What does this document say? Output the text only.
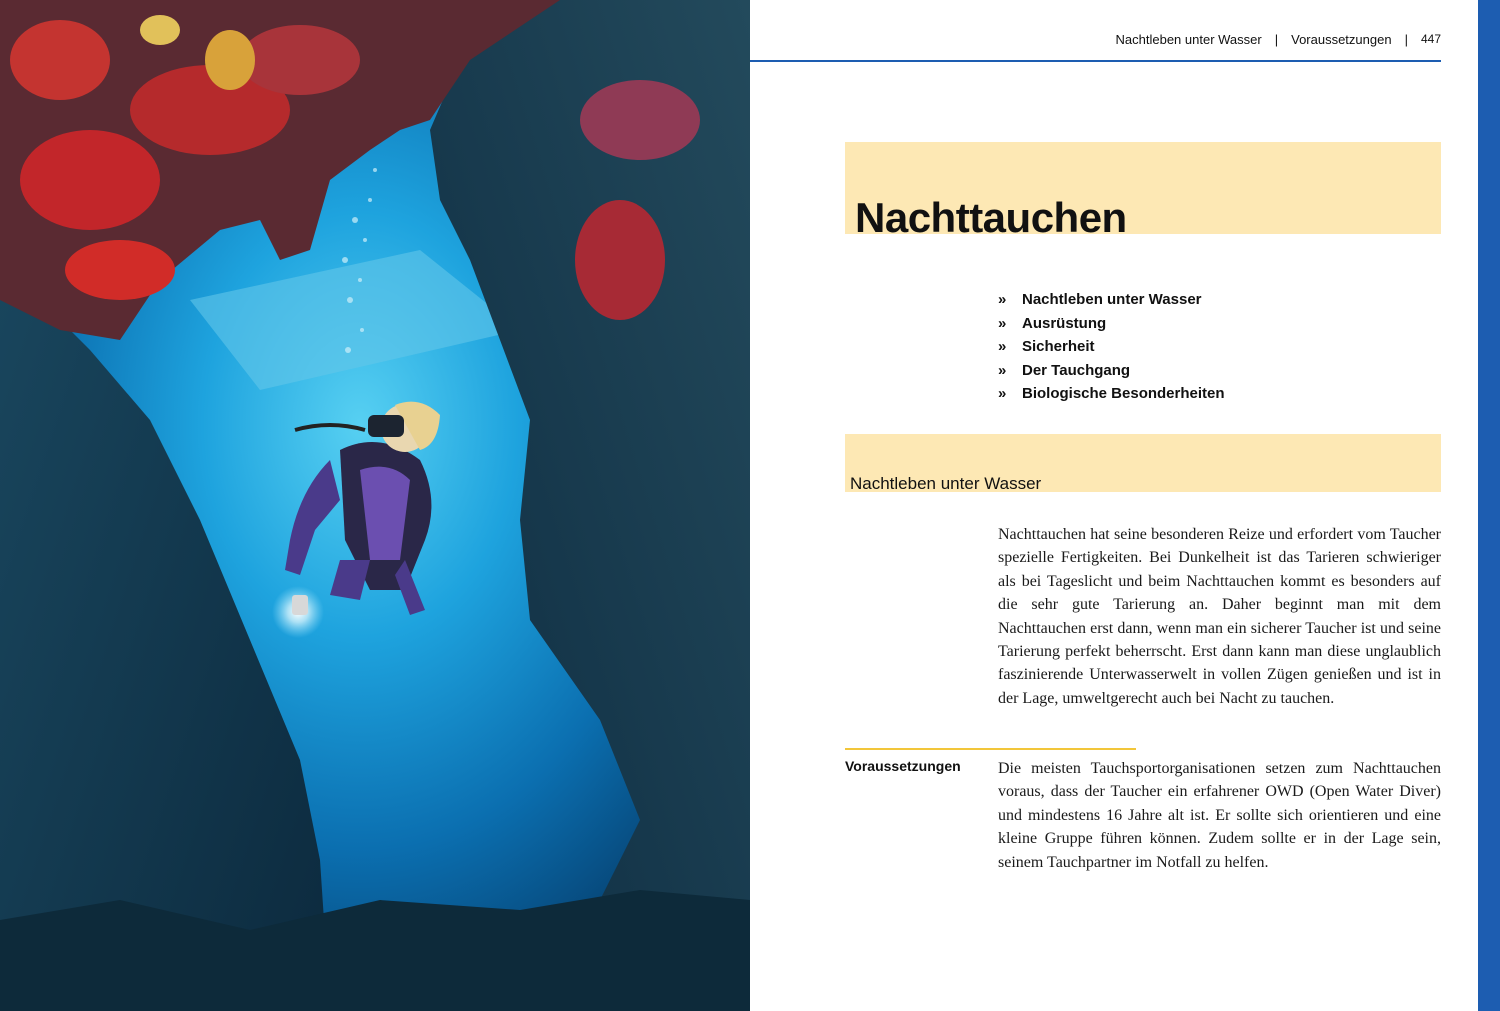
Nachtleben unter Wasser | Voraussetzungen | 447
Nachttauchen
»	Nachtleben unter Wasser
»	Ausrüstung
»	Sicherheit
»	Der Tauchgang
»	Biologische Besonderheiten
Nachtleben unter Wasser

Nachttauchen hat seine besonderen Reize und erfordert vom Taucher spezielle Fertigkeiten. Bei Dunkelheit ist das Tarieren schwieriger als bei Tageslicht und beim Nachttauchen kommt es besonders auf die sehr gute Tarierung an. Daher beginnt man mit dem Nachttauchen erst dann, wenn man ein sicherer Taucher ist und seine Tarierung perfekt beherrscht. Erst dann kann man diese unglaublich faszinierende Unterwasserwelt in vollen Zügen genießen und ist in der Lage, umweltgerecht auch bei Nacht zu tauchen.

Voraussetzungen Die meisten Tauchsportorganisationen setzen zum Nachttauchen voraus, dass der Taucher ein erfahrener OWD (Open Water Diver) und mindestens 16 Jahre alt ist. Er sollte sich orientieren und eine kleine Gruppe führen können. Zudem sollte er in der Lage sein, seinem Tauchpartner im Notfall zu helfen.
